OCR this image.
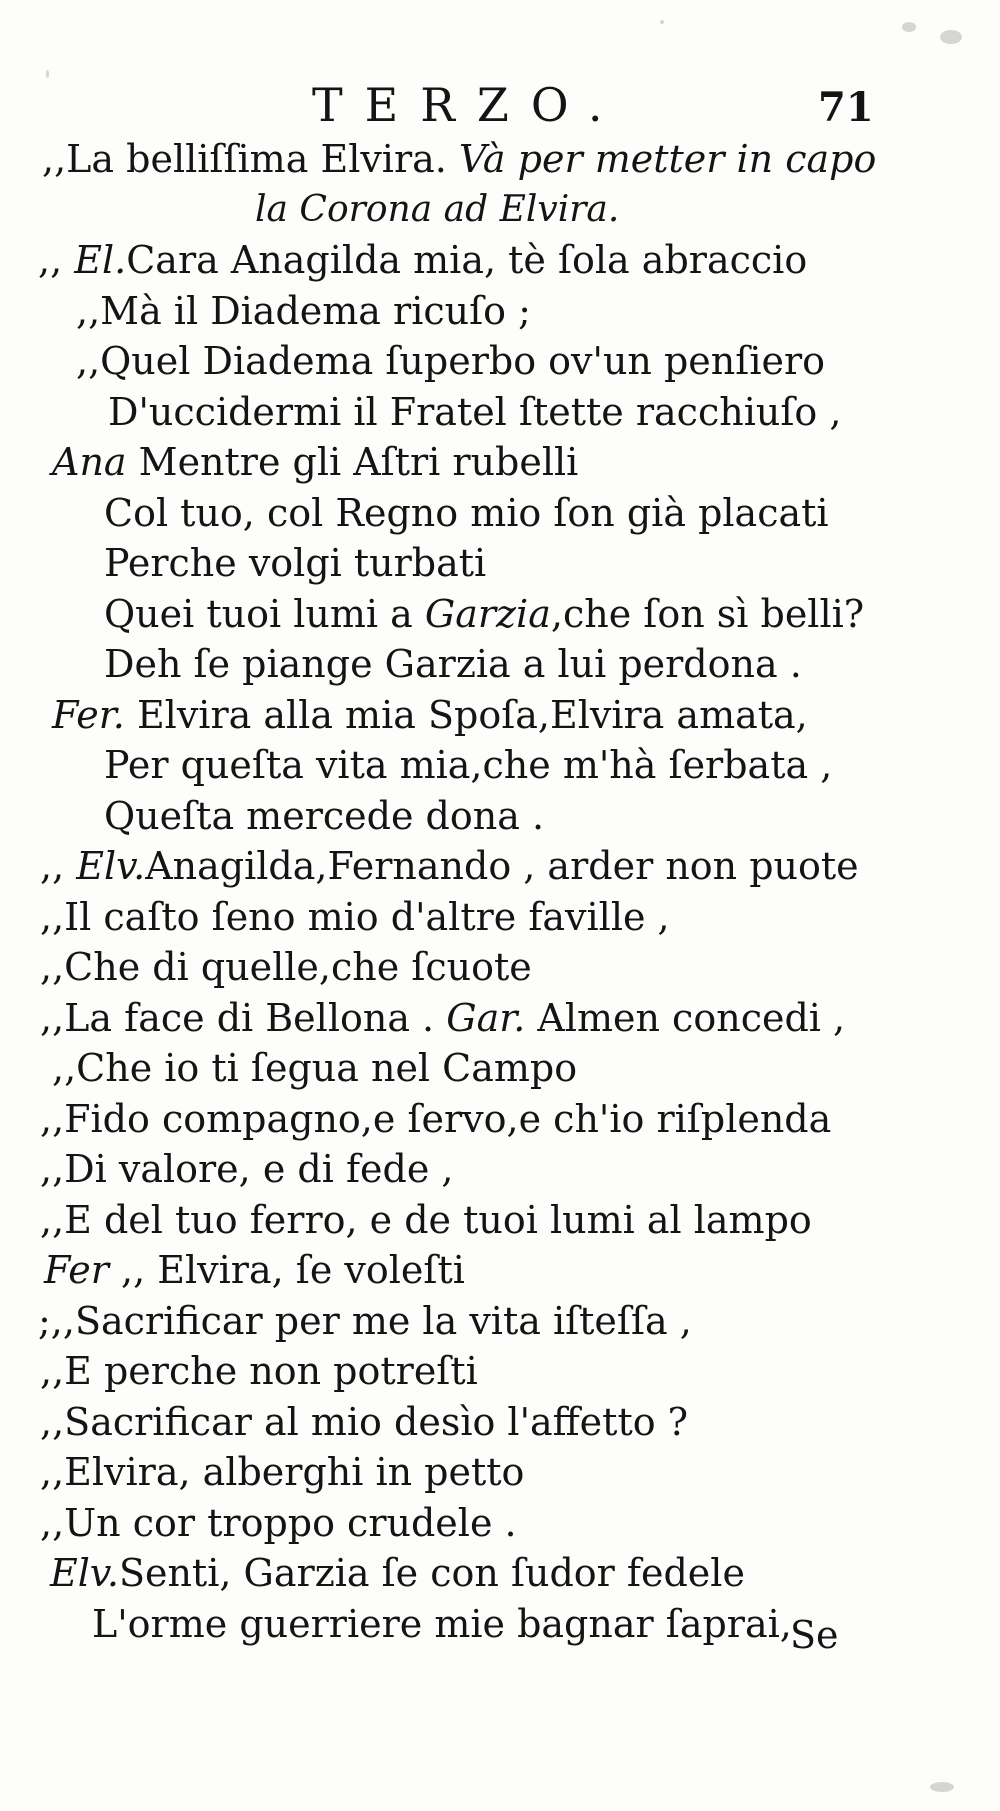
TERZO.	71
,,La belliſſima Elvira. Và per metter in capo
la Corona ad Elvira.
,, El.Cara Anagilda mia, tè ſola abraccio
,,Mà il Diadema ricuſo ;
,,Quel Diadema ſuperbo ov'un penſiero
D'uccidermi il Fratel ſtette racchiuſo ,
Ana Mentre gli Aſtri rubelli
Col tuo, col Regno mio ſon già placati
Perche volgi turbati
Quei tuoi lumi a Garzia,che ſon sì belli?
Deh ſe piange Garzia a lui perdona .
Fer. Elvira alla mia Spoſa,Elvira amata,
Per queſta vita mia,che m'hà ſerbata ,
Queſta mercede dona .
,, Elv.Anagilda,Fernando , arder non puote
,,Il caſto ſeno mio d'altre faville ,
,,Che di quelle,che ſcuote
,,La face di Bellona . Gar. Almen concedi ,
,,Che io ti ſegua nel Campo
,,Fido compagno,e ſervo,e ch'io riſplenda
,,Di valore, e di fede ,
,,E del tuo ferro, e de tuoi lumi al lampo
Fer ,, Elvira, ſe voleſti
;,,Sacrificar per me la vita iſteſſa ,
,,E perche non potreſti
,,Sacrificar al mio desìo l'affetto ?
,,Elvira, alberghi in petto
,,Un cor troppo crudele .
Elv.Senti, Garzia ſe con ſudor fedele
L'orme guerriere mie bagnar ſaprai,
Se
